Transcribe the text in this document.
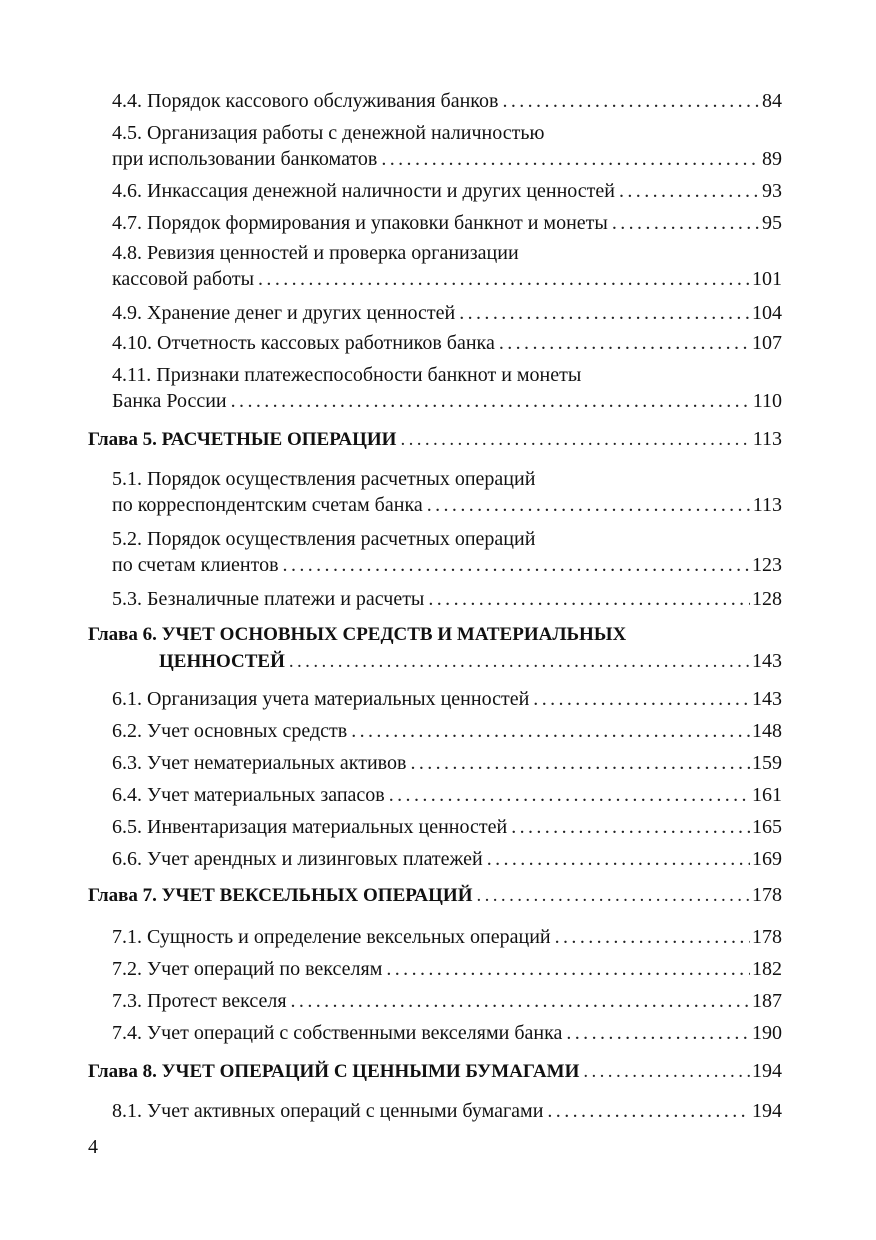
4.4. Порядок кассового обслуживания банков .....	84
4.5. Организация работы с денежной наличностью
при использовании банкоматов .....	89
4.6. Инкассация денежной наличности и других ценностей .....	93
4.7. Порядок формирования и упаковки банкнот и монеты .....	95
4.8. Ревизия ценностей и проверка организации
кассовой работы .....	101
4.9. Хранение денег и других ценностей .....	104
4.10. Отчетность кассовых работников банка .....	107
4.11. Признаки платежеспособности банкнот и монеты
Банка России .....	110
Глава 5. РАСЧЕТНЫЕ ОПЕРАЦИИ .....	113
5.1. Порядок осуществления расчетных операций
по корреспондентским счетам банка .....	113
5.2. Порядок осуществления расчетных операций
по счетам клиентов .....	123
5.3. Безналичные платежи и расчеты .....	128
Глава 6. УЧЕТ ОСНОВНЫХ СРЕДСТВ И МАТЕРИАЛЬНЫХ
ЦЕННОСТЕЙ .....	143
6.1. Организация учета материальных ценностей .....	143
6.2. Учет основных средств .....	148
6.3. Учет нематериальных активов .....	159
6.4. Учет материальных запасов .....	161
6.5. Инвентаризация материальных ценностей .....	165
6.6. Учет арендных и лизинговых платежей .....	169
Глава 7. УЧЕТ ВЕКСЕЛЬНЫХ ОПЕРАЦИЙ .....	178
7.1. Сущность и определение вексельных операций .....	178
7.2. Учет операций по векселям .....	182
7.3. Протест векселя .....	187
7.4. Учет операций с собственными векселями банка .....	190
Глава 8. УЧЕТ ОПЕРАЦИЙ С ЦЕННЫМИ БУМАГАМИ .....	194
8.1. Учет активных операций с ценными бумагами .....	194
4
